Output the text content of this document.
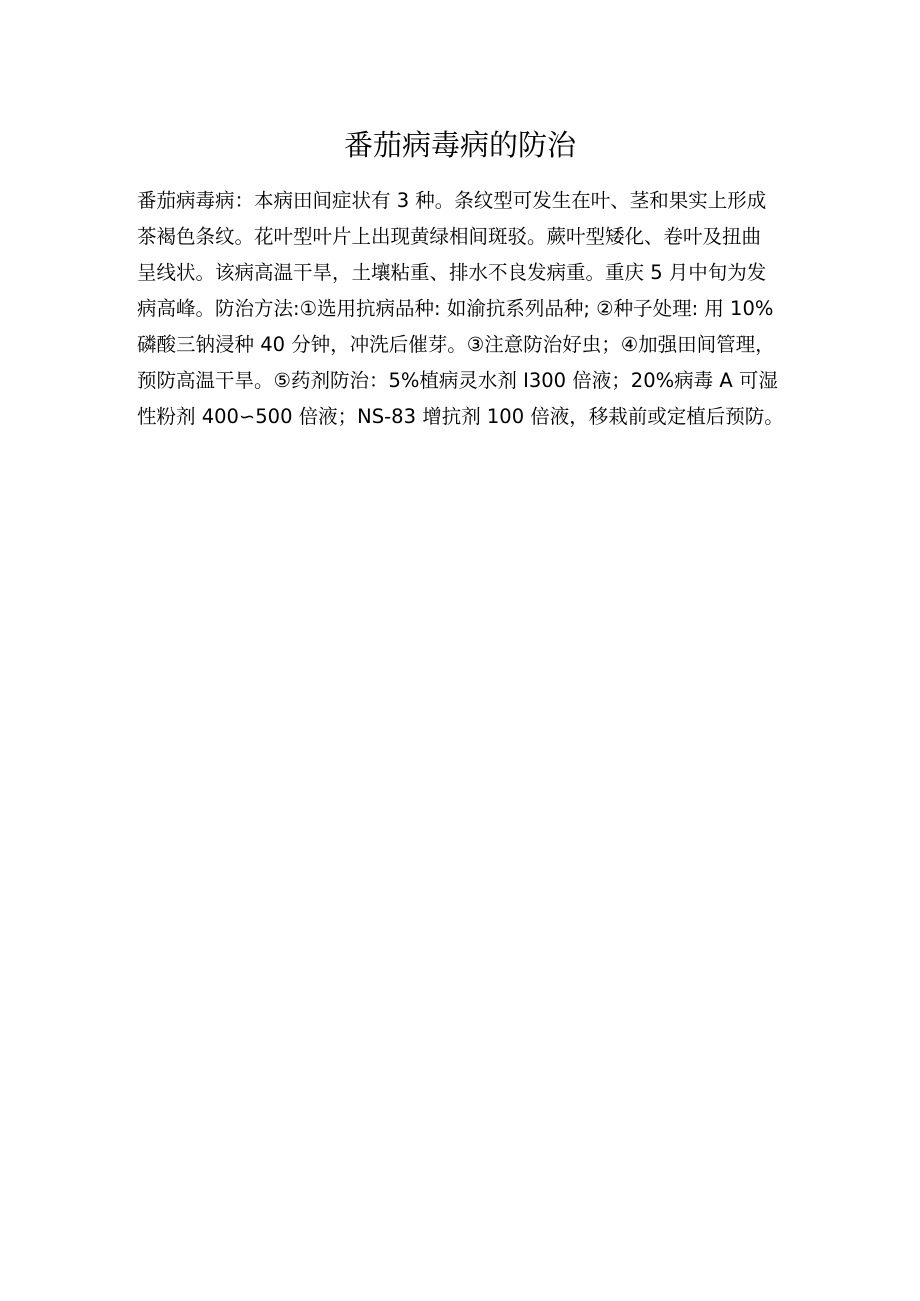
番茄病毒病的防治
番茄病毒病：本病田间症状有 3 种。条纹型可发生在叶、茎和果实上形成
茶褐色条纹。花叶型叶片上出现黄绿相间斑驳。蕨叶型矮化、卷叶及扭曲
呈线状。该病高温干旱，土壤粘重、排水不良发病重。重庆 5 月中旬为发
病高峰。防治方法:①选用抗病品种: 如渝抗系列品种; ②种子处理: 用 10%
磷酸三钠浸种 40 分钟，冲洗后催芽。③注意防治好虫；④加强田间管理，
预防高温干旱。⑤药剂防治：5%植病灵水剂 I300 倍液；20%病毒 A 可湿
性粉剂 400∽500 倍液；NS-83 增抗剂 100 倍液，移栽前或定植后预防。
